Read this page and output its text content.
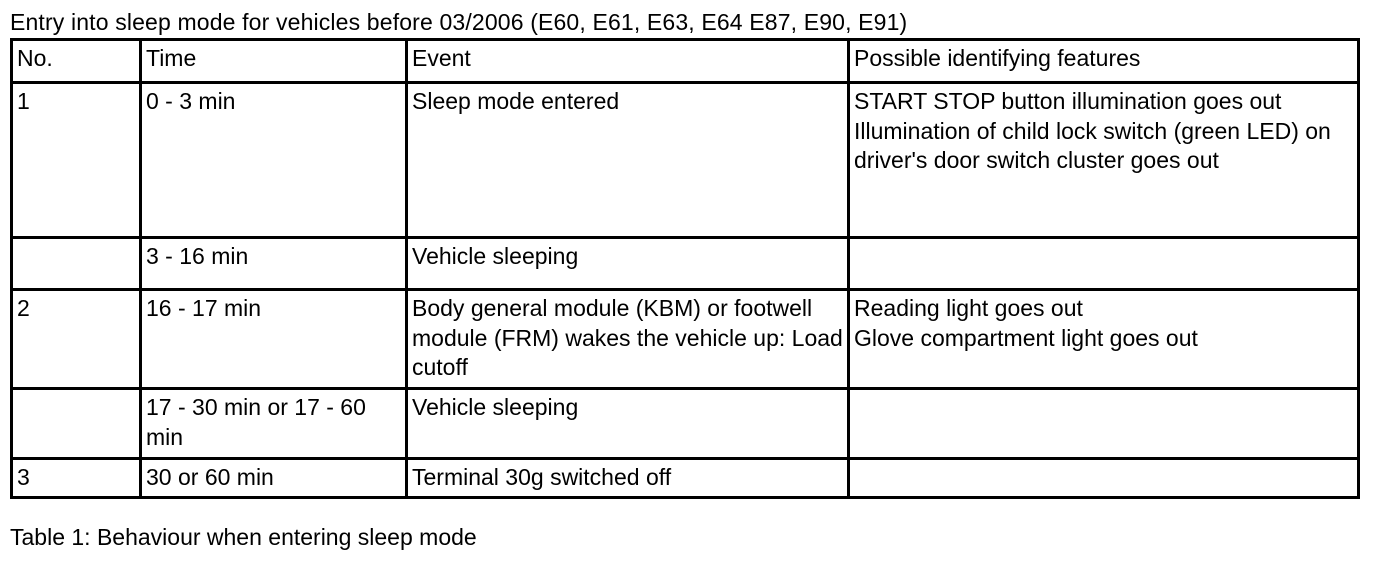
Entry into sleep mode for vehicles before 03/2006 (E60, E61, E63, E64 E87, E90, E91)
No.	Time	Event	Possible identifying features
1	0 - 3 min	Sleep mode entered	START STOP button illumination goes out
Illumination of child lock switch (green LED) on driver's door switch cluster goes out

	3 - 16 min	Vehicle sleeping	
2	16 - 17 min	Body general module (KBM) or footwell module (FRM) wakes the vehicle up: Load cutoff	Reading light goes out
Glove compartment light goes out

	17 - 30 min or 17 - 60 min	Vehicle sleeping	
3	30 or 60 min	Terminal 30g switched off	
Table 1: Behaviour when entering sleep mode
